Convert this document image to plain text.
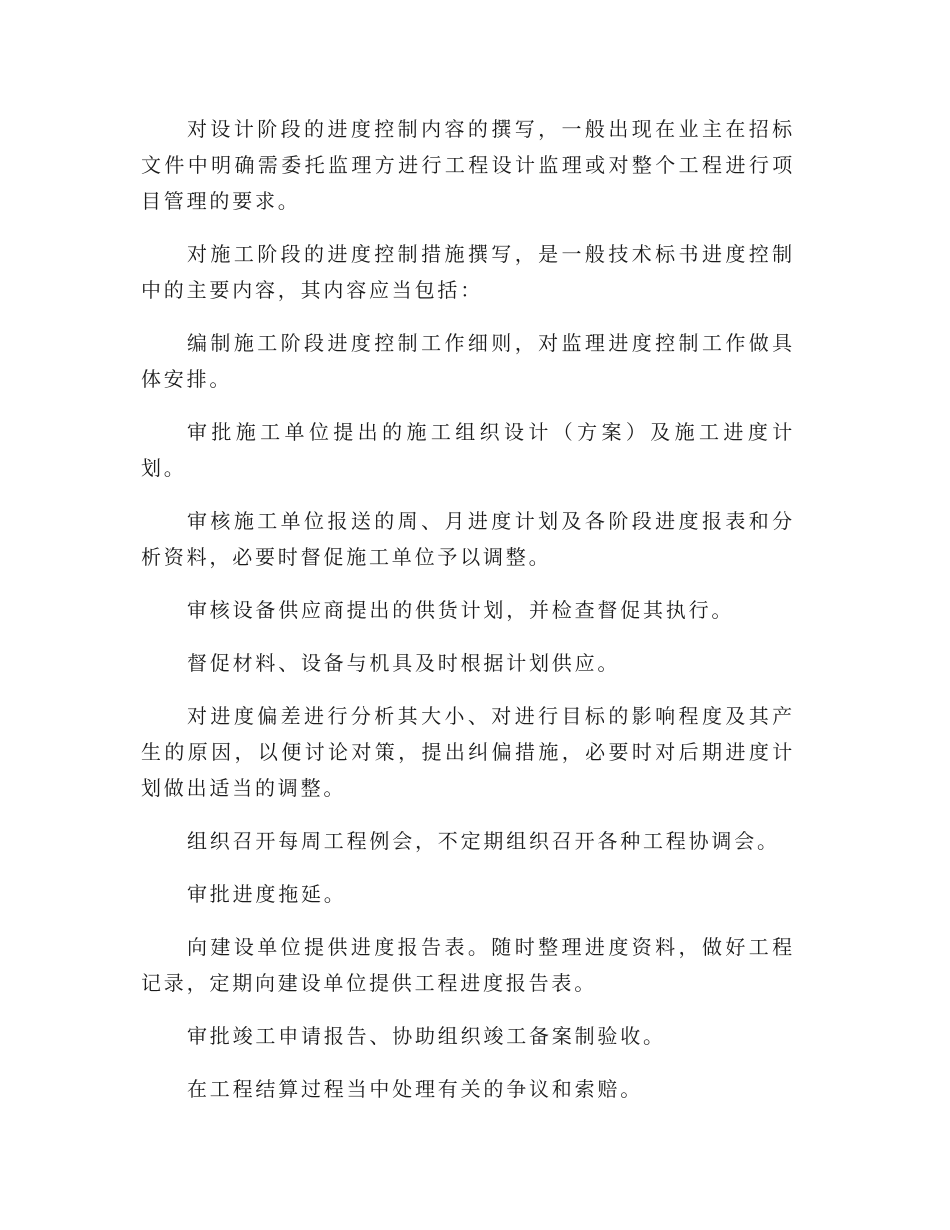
对设计阶段的进度控制内容的撰写，一般出现在业主在招标文件中明确需委托监理方进行工程设计监理或对整个工程进行项目管理的要求。

对施工阶段的进度控制措施撰写，是一般技术标书进度控制中的主要内容，其内容应当包括：

编制施工阶段进度控制工作细则，对监理进度控制工作做具体安排。

审批施工单位提出的施工组织设计（方案）及施工进度计划。

审核施工单位报送的周、月进度计划及各阶段进度报表和分析资料，必要时督促施工单位予以调整。

审核设备供应商提出的供货计划，并检查督促其执行。

督促材料、设备与机具及时根据计划供应。

对进度偏差进行分析其大小、对进行目标的影响程度及其产生的原因，以便讨论对策，提出纠偏措施，必要时对后期进度计划做出适当的调整。

组织召开每周工程例会，不定期组织召开各种工程协调会。

审批进度拖延。

向建设单位提供进度报告表。随时整理进度资料，做好工程记录，定期向建设单位提供工程进度报告表。

审批竣工申请报告、协助组织竣工备案制验收。

在工程结算过程当中处理有关的争议和索赔。
